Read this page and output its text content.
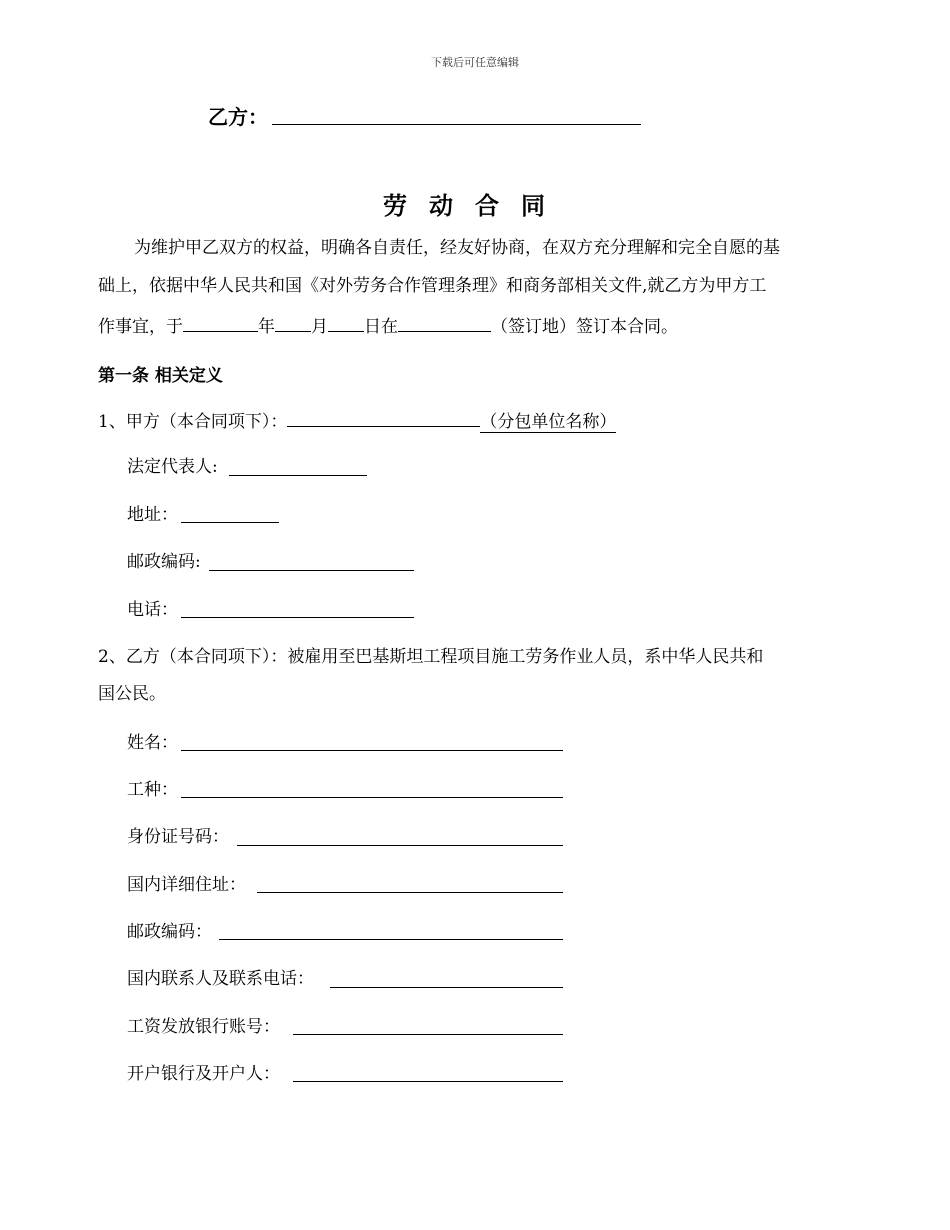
下载后可任意编辑
乙方：
劳动合同
为维护甲乙双方的权益，明确各自责任，经友好协商，在双方充分理解和完全自愿的基
础上，依据中华人民共和国《对外劳务合作管理条理》和商务部相关文件,就乙方为甲方工
作事宜，于	年 月 日在	（签订地）签订本合同。
第一条 相关定义
1、甲方（本合同项下）：	（分包单位名称）
法定代表人:
地址：
邮政编码:
电话：
2、乙方（本合同项下）：被雇用至巴基斯坦工程项目施工劳务作业人员，系中华人民共和
国公民。
姓名：
工种：
身份证号码：
国内详细住址：
邮政编码：
国内联系人及联系电话：
工资发放银行账号：
开户银行及开户人：
